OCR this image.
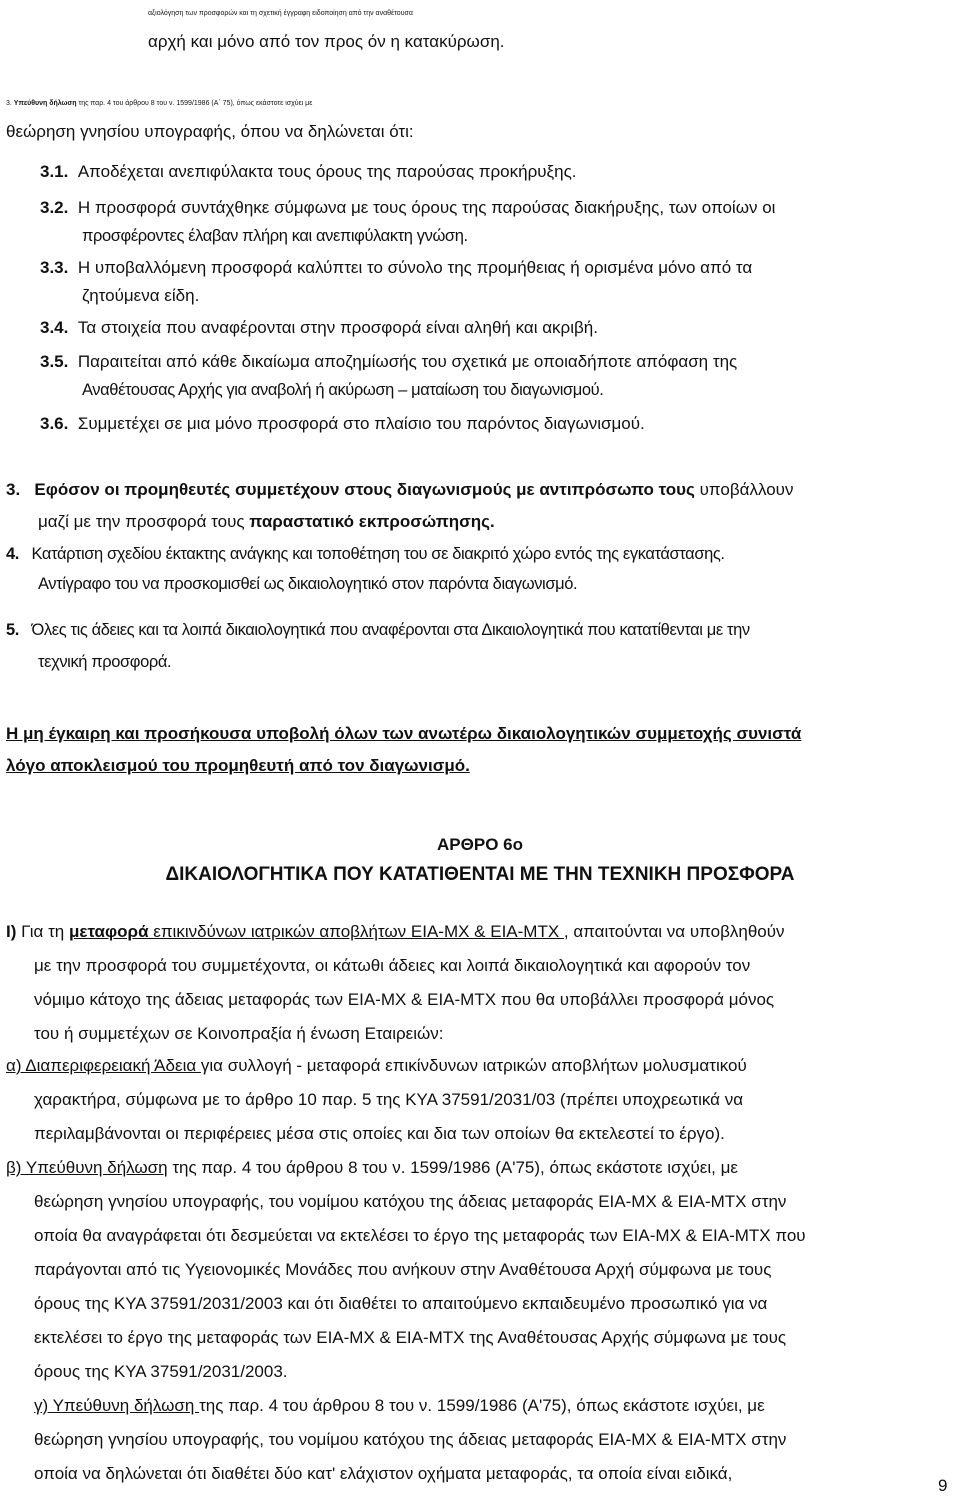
αξιολόγηση των προσφορών και τη σχετική έγγραφη ειδοποίηση από την αναθέτουσα
αρχή και μόνο από τον προς όν η κατακύρωση.
3. Υπεύθυνη δήλωση της παρ. 4 του άρθρου 8 του ν. 1599/1986 (Α΄ 75), όπως εκάστοτε ισχύει με
θεώρηση γνησίου υπογραφής, όπου να δηλώνεται ότι:
3.1. Αποδέχεται ανεπιφύλακτα τους όρους της παρούσας προκήρυξης.
3.2. Η προσφορά συντάχθηκε σύμφωνα με τους όρους της παρούσας διακήρυξης, των οποίων οι
προσφέροντες έλαβαν πλήρη και ανεπιφύλακτη γνώση.
3.3. Η υποβαλλόμενη προσφορά καλύπτει το σύνολο της προμήθειας ή ορισμένα μόνο από τα
ζητούμενα είδη.
3.4. Τα στοιχεία που αναφέρονται στην προσφορά είναι αληθή και ακριβή.
3.5. Παραιτείται από κάθε δικαίωμα αποζημίωσής του σχετικά με οποιαδήποτε απόφαση της
Αναθέτουσας Αρχής για αναβολή ή ακύρωση – ματαίωση του διαγωνισμού.
3.6. Συμμετέχει σε μια μόνο προσφορά στο πλαίσιο του παρόντος διαγωνισμού.
3. Εφόσον οι προμηθευτές συμμετέχουν στους διαγωνισμούς με αντιπρόσωπο τους υποβάλλουν
μαζί με την προσφορά τους παραστατικό εκπροσώπησης.
4. Κατάρτιση σχεδίου έκτακτης ανάγκης και τοποθέτηση του σε διακριτό χώρο εντός της εγκατάστασης.
Αντίγραφο του να προσκομισθεί ως δικαιολογητικό στον παρόντα διαγωνισμό.
5. Όλες τις άδειες και τα λοιπά δικαιολογητικά που αναφέρονται στα Δικαιολογητικά που κατατίθενται με την
τεχνική προσφορά.
Η μη έγκαιρη και προσήκουσα υποβολή όλων των ανωτέρω δικαιολογητικών συμμετοχής συνιστά
λόγο αποκλεισμού του προμηθευτή από τον διαγωνισμό.
ΑΡΘΡΟ 6ο
ΔΙΚΑΙΟΛΟΓΗΤΙΚΑ ΠΟΥ ΚΑΤΑΤΙΘΕΝΤΑΙ ΜΕ ΤΗΝ ΤΕΧΝΙΚΗ ΠΡΟΣΦΟΡΑ
Ι) Για τη μεταφορά επικινδύνων ιατρικών αποβλήτων ΕΙΑ-ΜΧ & ΕΙΑ-ΜΤΧ , απαιτούνται να υποβληθούν
με την προσφορά του συμμετέχοντα, οι κάτωθι άδειες και λοιπά δικαιολογητικά και αφορούν τον
νόμιμο κάτοχο της άδειας μεταφοράς των ΕΙΑ-ΜΧ & ΕΙΑ-ΜΤΧ που θα υποβάλλει προσφορά μόνος
του ή συμμετέχων σε Κοινοπραξία ή ένωση Εταιρειών:
α) Διαπεριφερειακή Άδεια για συλλογή - μεταφορά επικίνδυνων ιατρικών αποβλήτων μολυσματικού
χαρακτήρα, σύμφωνα με το άρθρο 10 παρ. 5 της ΚΥΑ 37591/2031/03 (πρέπει υποχρεωτικά να
περιλαμβάνονται οι περιφέρειες μέσα στις οποίες και δια των οποίων θα εκτελεστεί το έργο).
β) Υπεύθυνη δήλωση της παρ. 4 του άρθρου 8 του ν. 1599/1986 (Α'75), όπως εκάστοτε ισχύει, με
θεώρηση γνησίου υπογραφής, του νομίμου κατόχου της άδειας μεταφοράς ΕΙΑ-ΜΧ & ΕΙΑ-ΜΤΧ στην
οποία θα αναγράφεται ότι δεσμεύεται να εκτελέσει το έργο της μεταφοράς των ΕΙΑ-ΜΧ & ΕΙΑ-ΜΤΧ που
παράγονται από τις Υγειονομικές Μονάδες που ανήκουν στην Αναθέτουσα Αρχή σύμφωνα με τους
όρους της ΚΥΑ 37591/2031/2003 και ότι διαθέτει το απαιτούμενο εκπαιδευμένο προσωπικό για να
εκτελέσει το έργο της μεταφοράς των ΕΙΑ-ΜΧ & ΕΙΑ-ΜΤΧ της Αναθέτουσας Αρχής σύμφωνα με τους
όρους της ΚΥΑ 37591/2031/2003.
γ) Υπεύθυνη δήλωση της παρ. 4 του άρθρου 8 του ν. 1599/1986 (Α'75), όπως εκάστοτε ισχύει, με
θεώρηση γνησίου υπογραφής, του νομίμου κατόχου της άδειας μεταφοράς ΕΙΑ-ΜΧ & ΕΙΑ-ΜΤΧ στην
οποία να δηλώνεται ότι διαθέτει δύο κατ' ελάχιστον οχήματα μεταφοράς, τα οποία είναι ειδικά,
9
